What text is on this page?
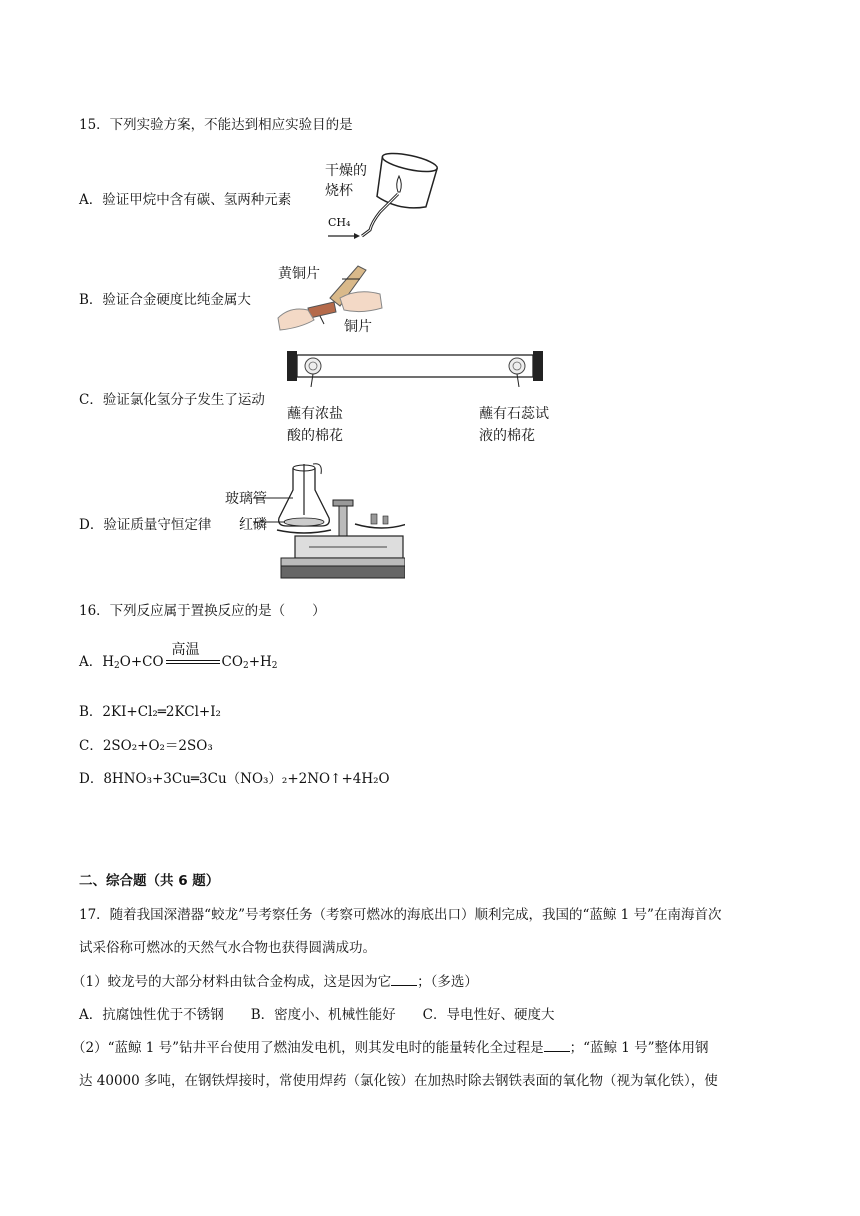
15．下列实验方案，不能达到相应实验目的是
A．验证甲烷中含有碳、氢两种元素
干燥的
烧杯
CH₄
B．验证合金硬度比纯金属大
黄铜片
铜片
C．验证氯化氢分子发生了运动
蘸有浓盐
酸的棉花
蘸有石蕊试
液的棉花
D．验证质量守恒定律
玻璃管
红磷
16．下列反应属于置换反应的是（　　）
A．$H_2O+CO$
高温
$CO_2+H_2$
B．2KI+Cl₂═2KCl+I₂
C．2SO₂+O₂＝2SO₃
D．8HNO₃+3Cu═3Cu（NO₃）₂+2NO↑+4H₂O
二、综合题（共 6 题）
17．随着我国深潜器“蛟龙”号考察任务（考察可燃冰的海底出口）顺利完成，我国的“蓝鲸 1 号”在南海首次
试采俗称可燃冰的天然气水合物也获得圆满成功。
（1）蛟龙号的大部分材料由钛合金构成，这是因为它 ；（多选）
A．抗腐蚀性优于不锈钢　　B．密度小、机械性能好　　C．导电性好、硬度大
（2）“蓝鲸 1 号”钻井平台使用了燃油发电机，则其发电时的能量转化全过程是 ；“蓝鲸 1 号”整体用钢
达 40000 多吨，在钢铁焊接时，常使用焊药（氯化铵）在加热时除去钢铁表面的氧化物（视为氧化铁），使
